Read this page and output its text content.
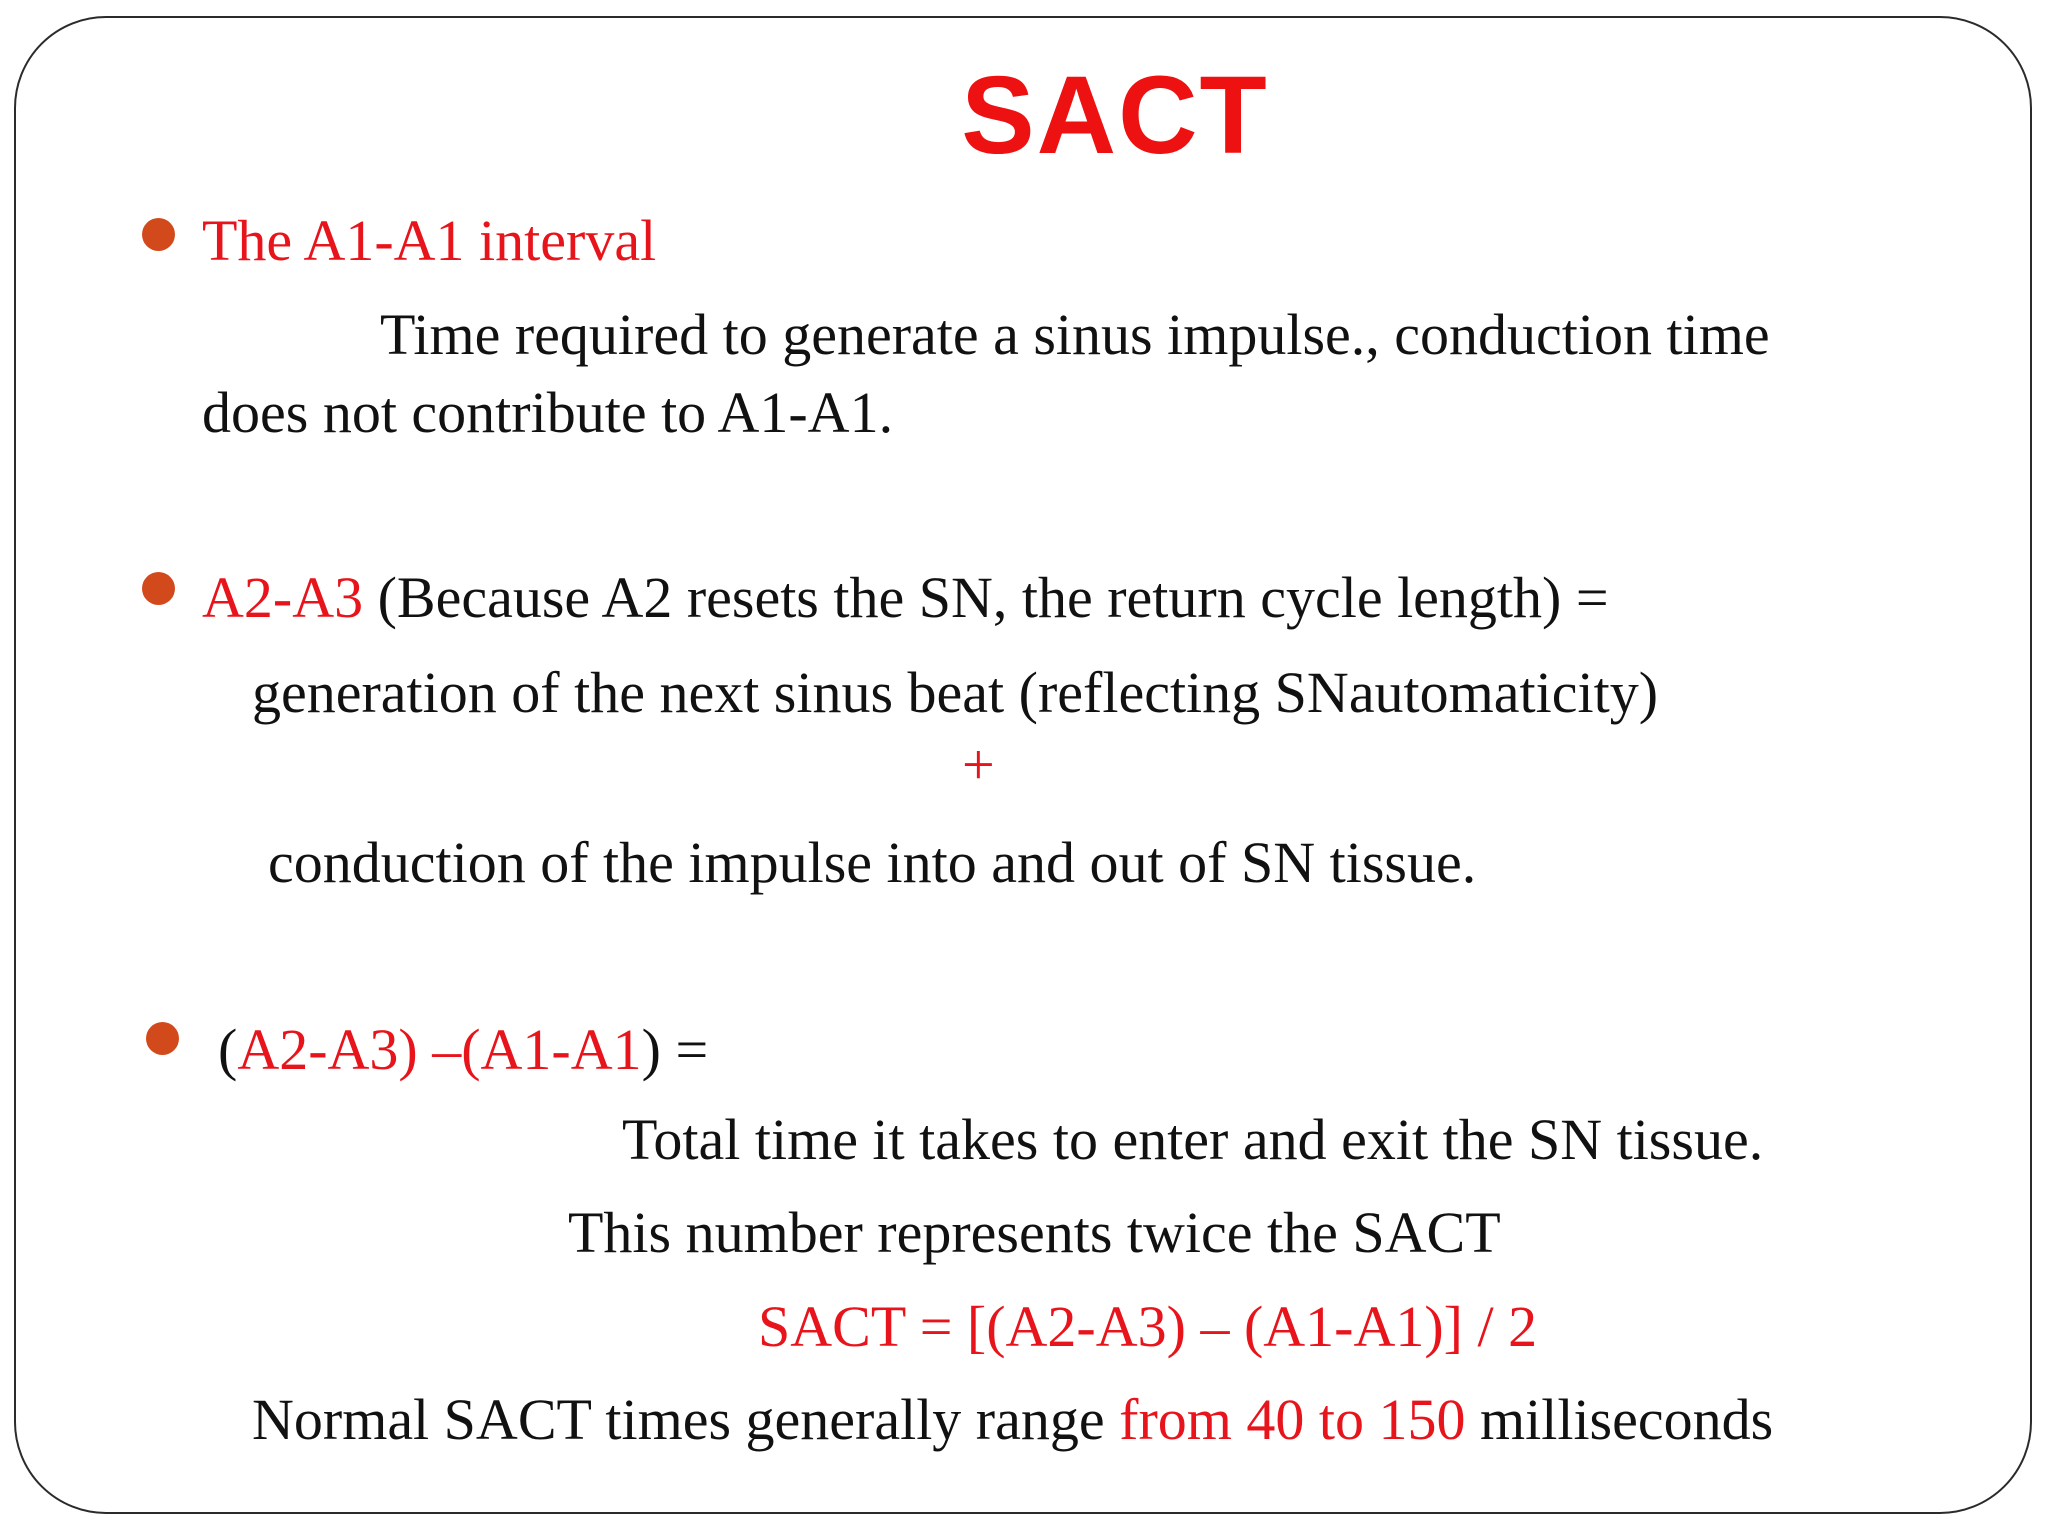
SACT
The A1-A1 interval
Time required to generate a sinus impulse., conduction time
does not contribute to A1-A1.
A2-A3 (Because A2 resets the SN, the return cycle length) =
generation of the next sinus beat (reflecting SNautomaticity)
+
conduction of the impulse into and out of SN tissue.
(A2-A3) –(A1-A1) =
Total time it takes to enter and exit the SN tissue.
This number represents twice the SACT
SACT = [(A2-A3) – (A1-A1)] / 2
Normal SACT times generally range from 40 to 150 milliseconds
